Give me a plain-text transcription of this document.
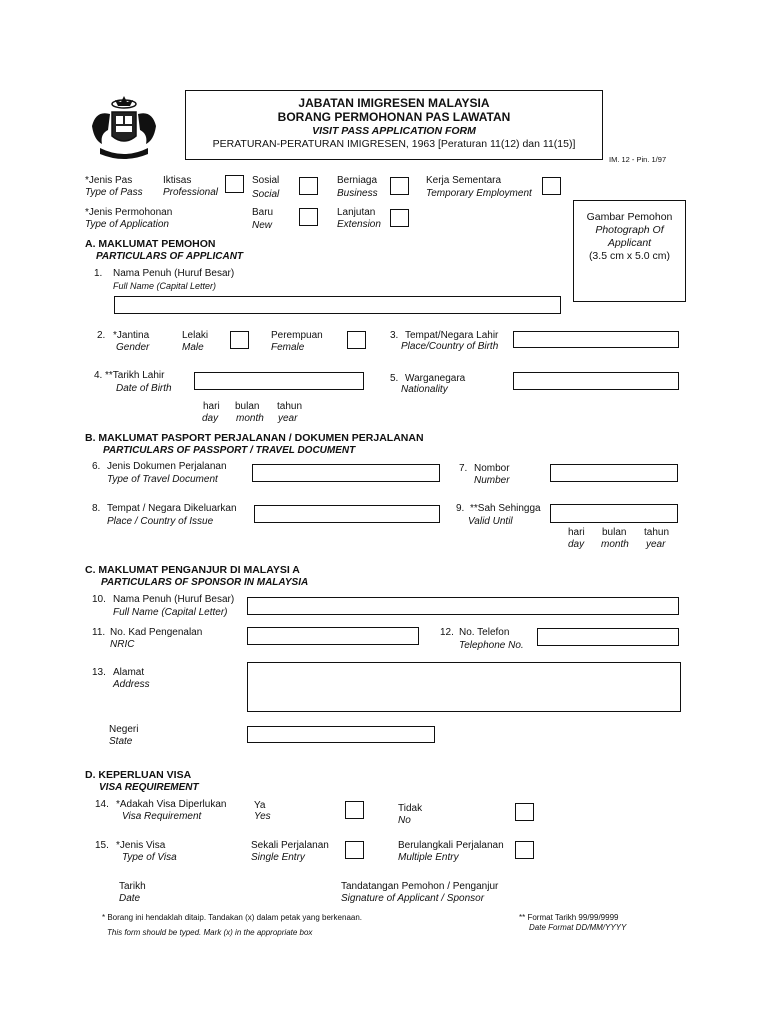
JABATAN IMIGRESEN MALAYSIA
BORANG PERMOHONAN PAS LAWATAN
VISIT PASS APPLICATION FORM
PERATURAN-PERATURAN IMIGRESEN, 1963 [Peraturan 11(12) dan 11(15)]
IM. 12 - Pin. 1/97
*Jenis Pas
Type of Pass
Iktisas
Professional
Sosial
Social
Berniaga
Business
Kerja Sementara
Temporary Employment
*Jenis Permohonan
Type of Application
Baru
New
Lanjutan
Extension
Gambar Pemohon
Photograph Of
Applicant
(3.5 cm x 5.0 cm)
A. MAKLUMAT PEMOHON
PARTICULARS OF APPLICANT
1. Nama Penuh (Huruf Besar)
Full Name (Capital Letter)
2. *Jantina
Gender
Lelaki
Male
Perempuan
Female
3. Tempat/Negara Lahir
Place/Country of Birth
4. **Tarikh Lahir
Date of Birth
5. Warganegara
Nationality
hari
day
bulan
month
tahun
year
B. MAKLUMAT PASPORT PERJALANAN / DOKUMEN PERJALANAN
PARTICULARS OF PASSPORT / TRAVEL DOCUMENT
6. Jenis Dokumen Perjalanan
Type of Travel Document
7. Nombor
Number
8. Tempat / Negara Dikeluarkan
Place / Country of Issue
9. **Sah Sehingga
Valid Until
hari
day
bulan
month
tahun
year
C. MAKLUMAT PENGANJUR DI MALAYSI A
PARTICULARS OF SPONSOR IN MALAYSIA
10. Nama Penuh (Huruf Besar)
Full Name (Capital Letter)
11. No. Kad Pengenalan
NRIC
12. No. Telefon
Telephone No.
13. Alamat
Address
Negeri
State
D. KEPERLUAN VISA
VISA REQUIREMENT
14. *Adakah Visa Diperlukan
Visa Requirement
Ya
Yes
Tidak
No
15. *Jenis Visa
Type of Visa
Sekali Perjalanan
Single Entry
Berulangkali Perjalanan
Multiple Entry
Tarikh
Date
Tandatangan Pemohon / Penganjur
Signature of Applicant / Sponsor
* Borang ini hendaklah ditaip. Tandakan (x) dalam petak yang berkenaan.
This form should be typed. Mark (x) in the appropriate box
** Format Tarikh 99/99/9999
Date Format DD/MM/YYYY
